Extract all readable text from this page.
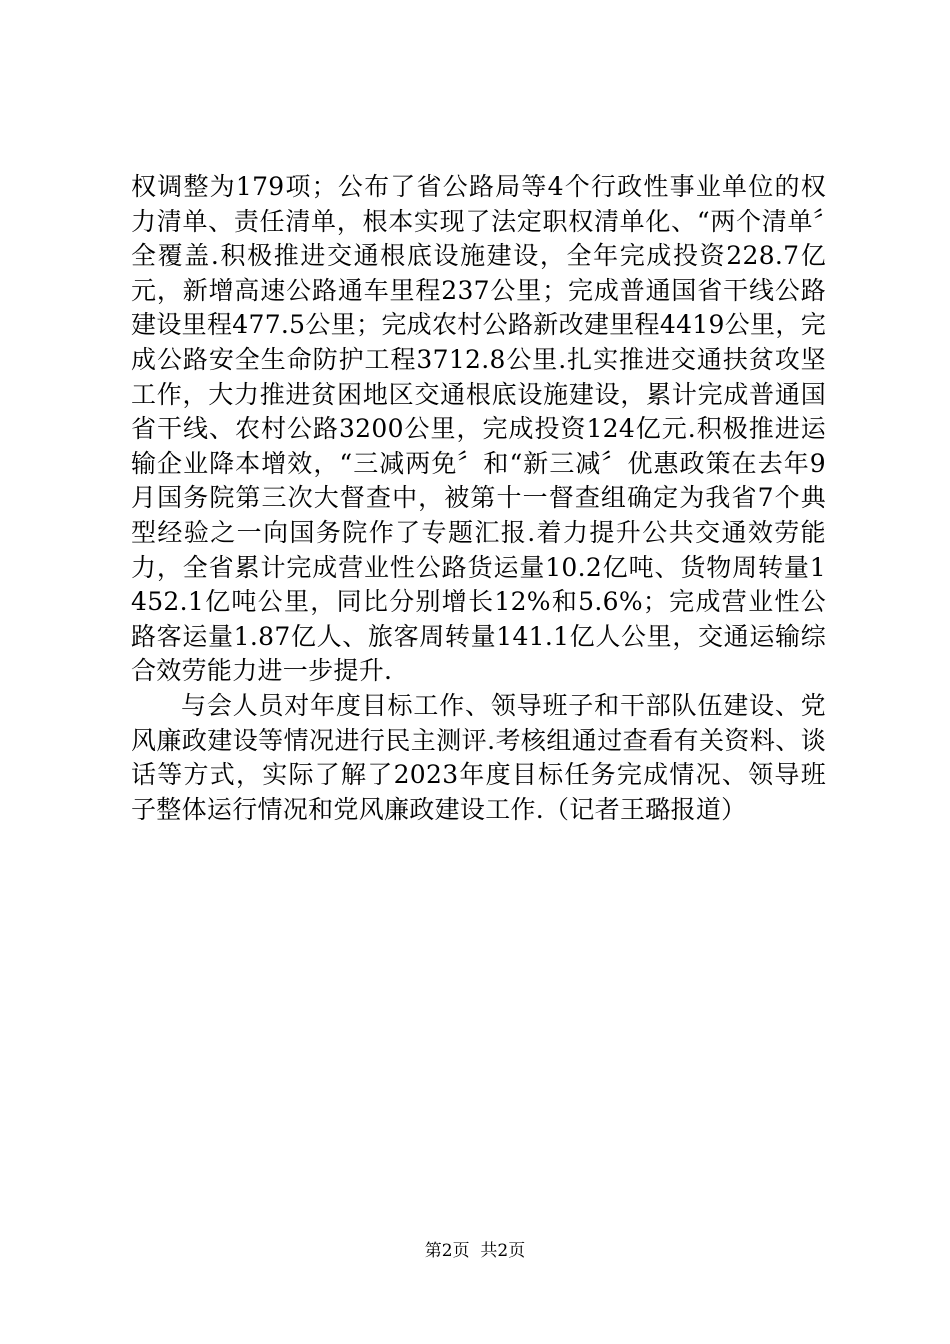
权调整为179项；公布了省公路局等4个行政性事业单位的权力清单、责任清单，根本实现了法定职权清单化、“两个清单〞全覆盖.积极推进交通根底设施建设，全年完成投资228.7亿元，新增高速公路通车里程237公里；完成普通国省干线公路建设里程477.5公里；完成农村公路新改建里程4419公里，完成公路安全生命防护工程3712.8公里.扎实推进交通扶贫攻坚工作，大力推进贫困地区交通根底设施建设，累计完成普通国省干线、农村公路3200公里，完成投资124亿元.积极推进运输企业降本增效，“三减两免〞和“新三减〞优惠政策在去年9月国务院第三次大督查中，被第十一督查组确定为我省7个典型经验之一向国务院作了专题汇报.着力提升公共交通效劳能力，全省累计完成营业性公路货运量10.2亿吨、货物周转量1452.1亿吨公里，同比分别增长12%和5.6%；完成营业性公路客运量1.87亿人、旅客周转量141.1亿人公里，交通运输综合效劳能力进一步提升.

与会人员对年度目标工作、领导班子和干部队伍建设、党风廉政建设等情况进行民主测评.考核组通过查看有关资料、谈话等方式，实际了解了2023年度目标任务完成情况、领导班子整体运行情况和党风廉政建设工作.（记者王璐报道）

第2页  共2页
